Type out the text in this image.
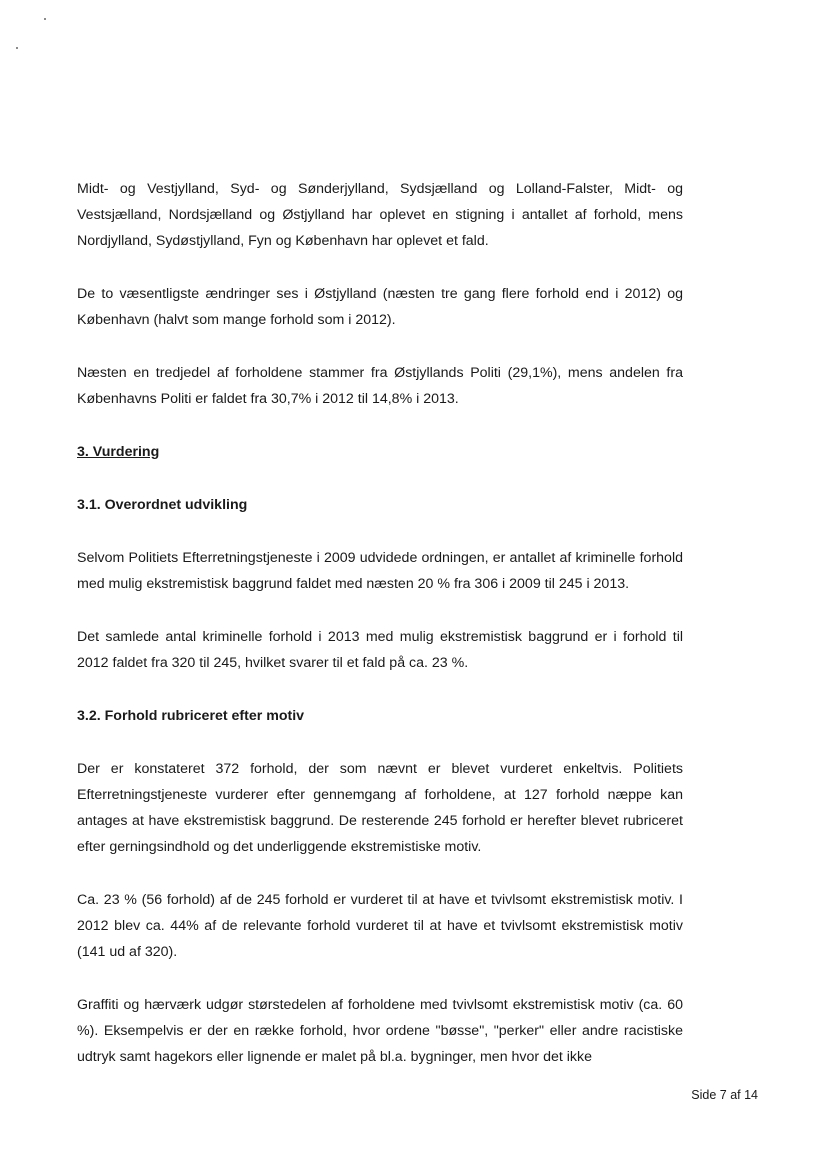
Midt- og Vestjylland, Syd- og Sønderjylland, Sydsjælland og Lolland-Falster, Midt- og Vestsjælland, Nordsjælland og Østjylland har oplevet en stigning i antallet af forhold, mens Nordjylland, Sydøstjylland, Fyn og København har oplevet et fald.

De to væsentligste ændringer ses i Østjylland (næsten tre gang flere forhold end i 2012) og København (halvt som mange forhold som i 2012).

Næsten en tredjedel af forholdene stammer fra Østjyllands Politi (29,1%), mens andelen fra Københavns Politi er faldet fra 30,7% i 2012 til 14,8% i 2013.

3. Vurdering

3.1. Overordnet udvikling

Selvom Politiets Efterretningstjeneste i 2009 udvidede ordningen, er antallet af kriminelle forhold med mulig ekstremistisk baggrund faldet med næsten 20 % fra 306 i 2009 til 245 i 2013.

Det samlede antal kriminelle forhold i 2013 med mulig ekstremistisk baggrund er i forhold til 2012 faldet fra 320 til 245, hvilket svarer til et fald på ca. 23 %.

3.2. Forhold rubriceret efter motiv

Der er konstateret 372 forhold, der som nævnt er blevet vurderet enkeltvis. Politiets Efterretningstjeneste vurderer efter gennemgang af forholdene, at 127 forhold næppe kan antages at have ekstremistisk baggrund. De resterende 245 forhold er herefter blevet rubriceret efter gerningsindhold og det underliggende ekstremistiske motiv.

Ca. 23 % (56 forhold) af de 245 forhold er vurderet til at have et tvivlsomt ekstremistisk motiv. I 2012 blev ca. 44% af de relevante forhold vurderet til at have et tvivlsomt ekstremistisk motiv (141 ud af 320).

Graffiti og hærværk udgør størstedelen af forholdene med tvivlsomt ekstremistisk motiv (ca. 60 %). Eksempelvis er der en række forhold, hvor ordene "bøsse", "perker" eller andre racistiske udtryk samt hagekors eller lignende er malet på bl.a. bygninger, men hvor det ikke

Side 7 af 14
